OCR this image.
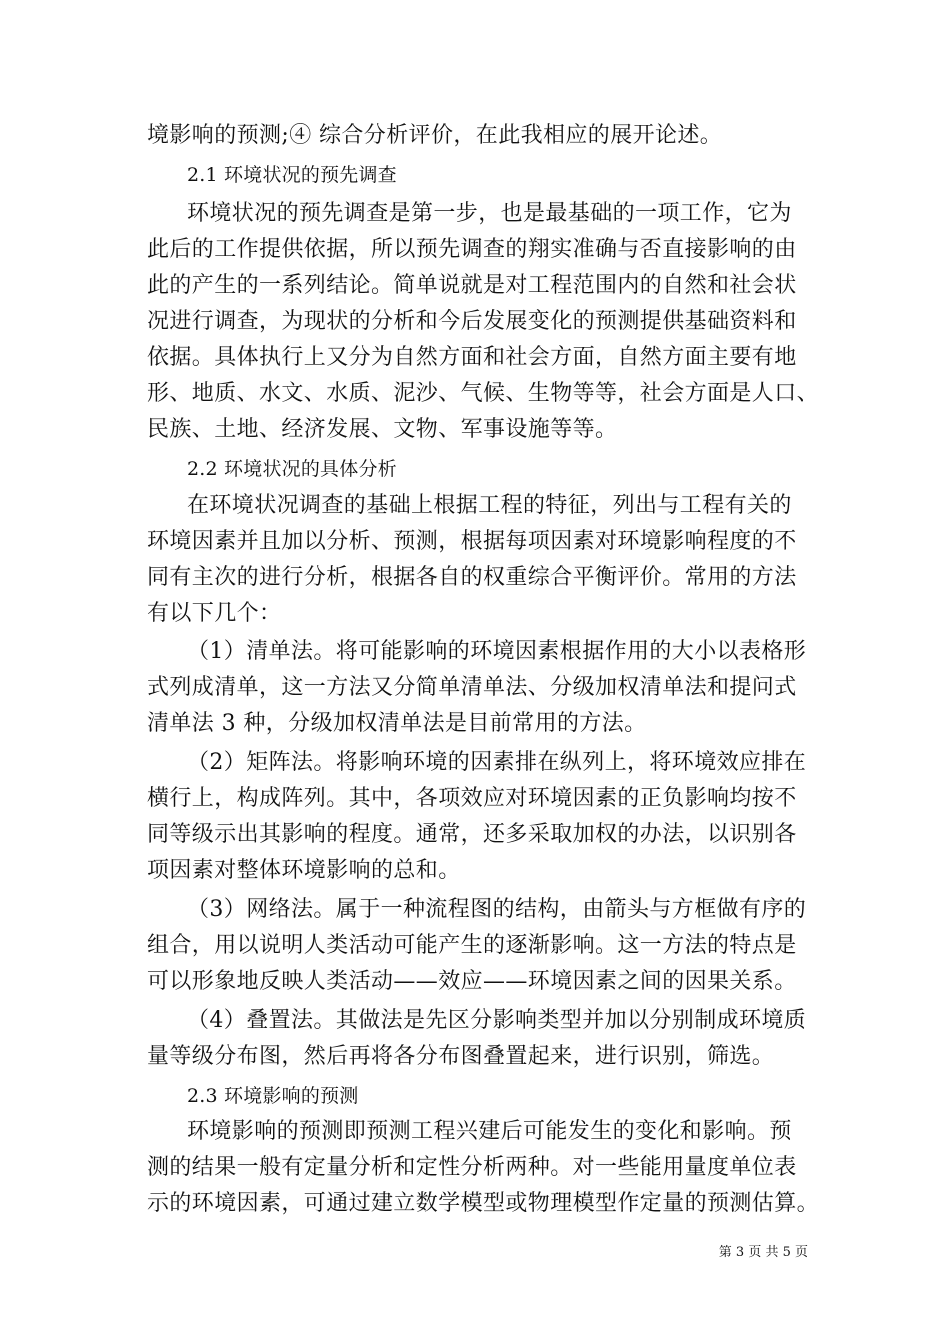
境影响的预测;④ 综合分析评价，在此我相应的展开论述。
2.1 环境状况的预先调查
环境状况的预先调查是第一步，也是最基础的一项工作，它为
此后的工作提供依据，所以预先调查的翔实准确与否直接影响的由
此的产生的一系列结论。简单说就是对工程范围内的自然和社会状
况进行调查，为现状的分析和今后发展变化的预测提供基础资料和
依据。具体执行上又分为自然方面和社会方面，自然方面主要有地
形、地质、水文、水质、泥沙、气候、生物等等，社会方面是人口、
民族、土地、经济发展、文物、军事设施等等。
2.2 环境状况的具体分析
在环境状况调查的基础上根据工程的特征，列出与工程有关的
环境因素并且加以分析、预测，根据每项因素对环境影响程度的不
同有主次的进行分析，根据各自的权重综合平衡评价。常用的方法
有以下几个：
（1）清单法。将可能影响的环境因素根据作用的大小以表格形
式列成清单，这一方法又分简单清单法、分级加权清单法和提问式
清单法 3 种，分级加权清单法是目前常用的方法。
（2）矩阵法。将影响环境的因素排在纵列上，将环境效应排在
横行上，构成阵列。其中，各项效应对环境因素的正负影响均按不
同等级示出其影响的程度。通常，还多采取加权的办法，以识别各
项因素对整体环境影响的总和。
（3）网络法。属于一种流程图的结构，由箭头与方框做有序的
组合，用以说明人类活动可能产生的逐渐影响。这一方法的特点是
可以形象地反映人类活动——效应——环境因素之间的因果关系。
（4）叠置法。其做法是先区分影响类型并加以分别制成环境质
量等级分布图，然后再将各分布图叠置起来，进行识别，筛选。
2.3 环境影响的预测
环境影响的预测即预测工程兴建后可能发生的变化和影响。预
测的结果一般有定量分析和定性分析两种。对一些能用量度单位表
示的环境因素，可通过建立数学模型或物理模型作定量的预测估算。
第 3 页 共 5 页
